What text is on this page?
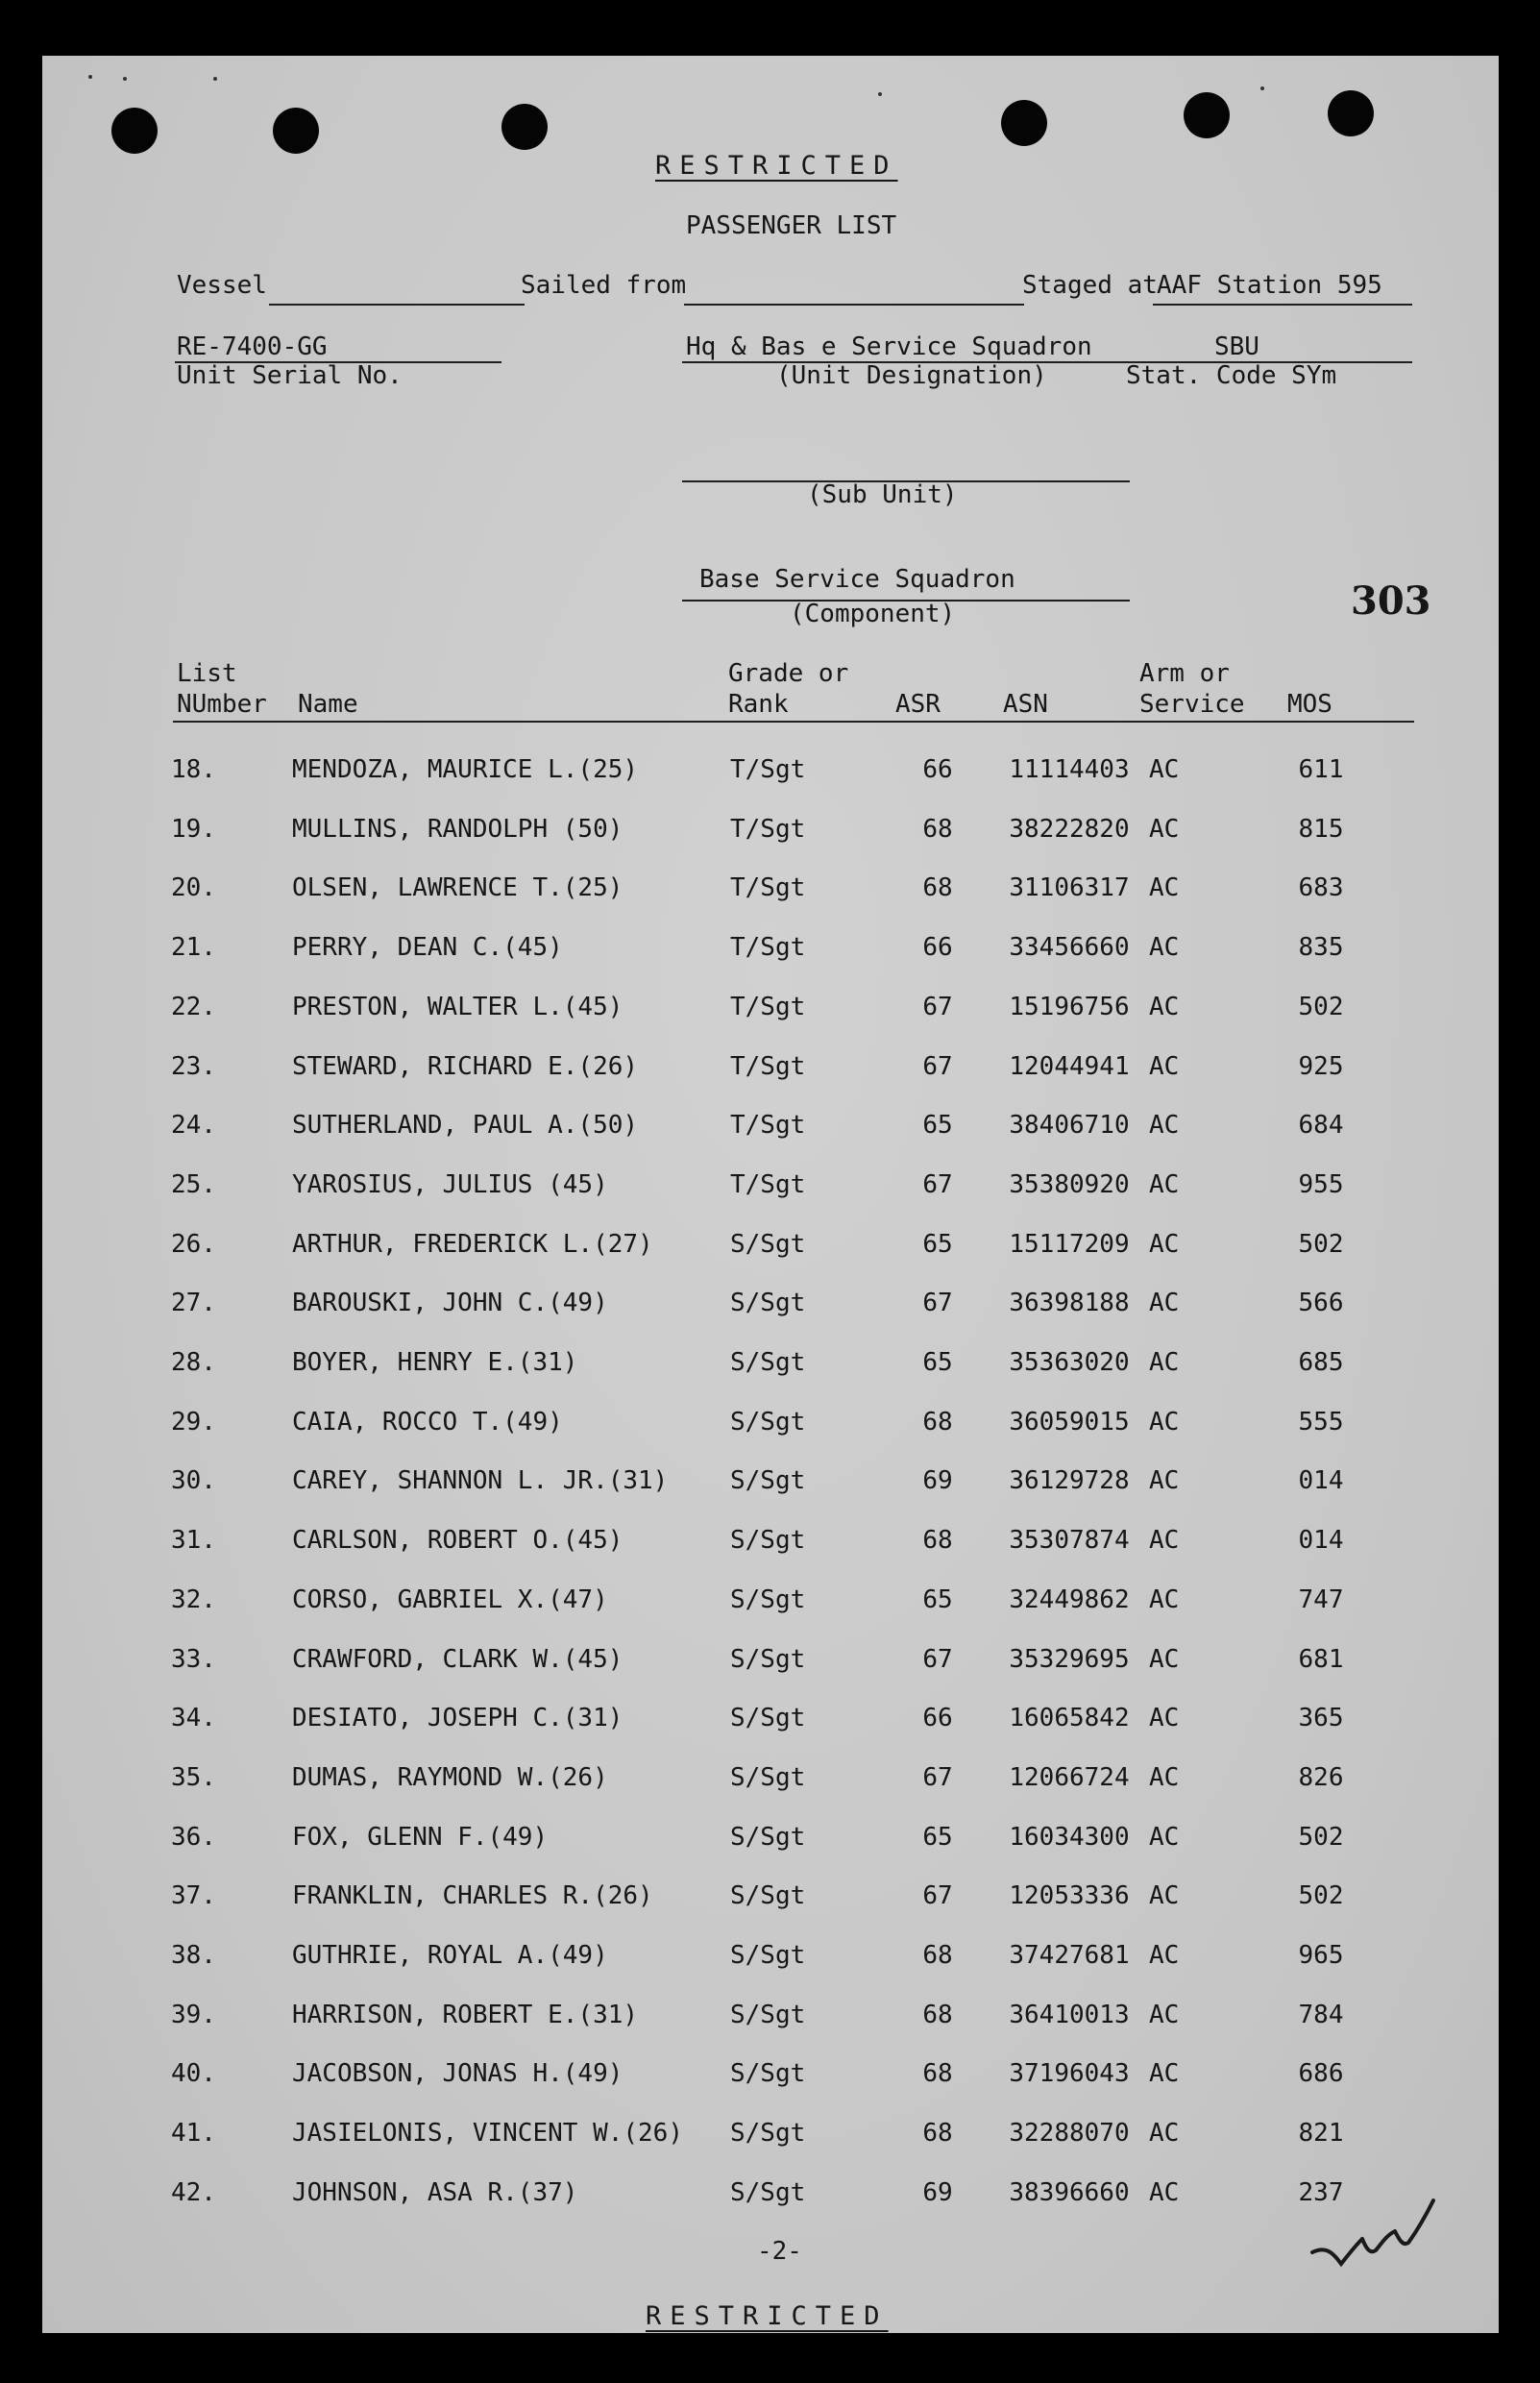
RESTRICTED
PASSENGER LIST
Vessel	Sailed from	Staged at AAF Station 595
RE-7400-GG
Unit Serial No.
Hq & Bas e Service Squadron
(Unit Designation)
SBU
Stat. Code SYm
(Sub Unit)
Base Service Squadron
(Component)	303
List
NUmber Name
Grade or
Rank	ASR	ASN
Arm or
Service MOS
18.	MENDOZA, MAURICE L.(25)	T/Sgt	66	11114403 AC	611
19.	MULLINS, RANDOLPH (50)	T/Sgt	68	38222820 AC	815
20.	OLSEN, LAWRENCE T.(25)	T/Sgt	68	31106317 AC	683
21.	PERRY, DEAN C.(45)	T/Sgt	66	33456660 AC	835
22.	PRESTON, WALTER L.(45)	T/Sgt	67	15196756 AC	502
23.	STEWARD, RICHARD E.(26)	T/Sgt	67	12044941 AC	925
24.	SUTHERLAND, PAUL A.(50)	T/Sgt	65	38406710 AC	684
25.	YAROSIUS, JULIUS (45)	T/Sgt	67	35380920 AC	955
26.	ARTHUR, FREDERICK L.(27)	S/Sgt	65	15117209 AC	502
27.	BAROUSKI, JOHN C.(49)	S/Sgt	67	36398188 AC	566
28.	BOYER, HENRY E.(31)	S/Sgt	65	35363020 AC	685
29.	CAIA, ROCCO T.(49)	S/Sgt	68	36059015 AC	555
30.	CAREY, SHANNON L. JR.(31) S/Sgt	69	36129728 AC	014
31.	CARLSON, ROBERT O.(45)	S/Sgt	68	35307874 AC	014
32.	CORSO, GABRIEL X.(47)	S/Sgt	65	32449862 AC	747
33.	CRAWFORD, CLARK W.(45)	S/Sgt	67	35329695 AC	681
34.	DESIATO, JOSEPH C.(31)	S/Sgt	66	16065842 AC	365
35.	DUMAS, RAYMOND W.(26)	S/Sgt	67	12066724 AC	826
36.	FOX, GLENN F.(49)	S/Sgt	65	16034300 AC	502
37.	FRANKLIN, CHARLES R.(26)	S/Sgt	67	12053336 AC	502
38.	GUTHRIE, ROYAL A.(49)	S/Sgt	68	37427681 AC	965
39.	HARRISON, ROBERT E.(31)	S/Sgt	68	36410013 AC	784
40.	JACOBSON, JONAS H.(49)	S/Sgt	68	37196043 AC	686
41.	JASIELONIS, VINCENT W.(26) S/Sgt	68	32288070 AC	821
42.	JOHNSON, ASA R.(37)	S/Sgt	69	38396660 AC	237
-2-
RESTRICTED
